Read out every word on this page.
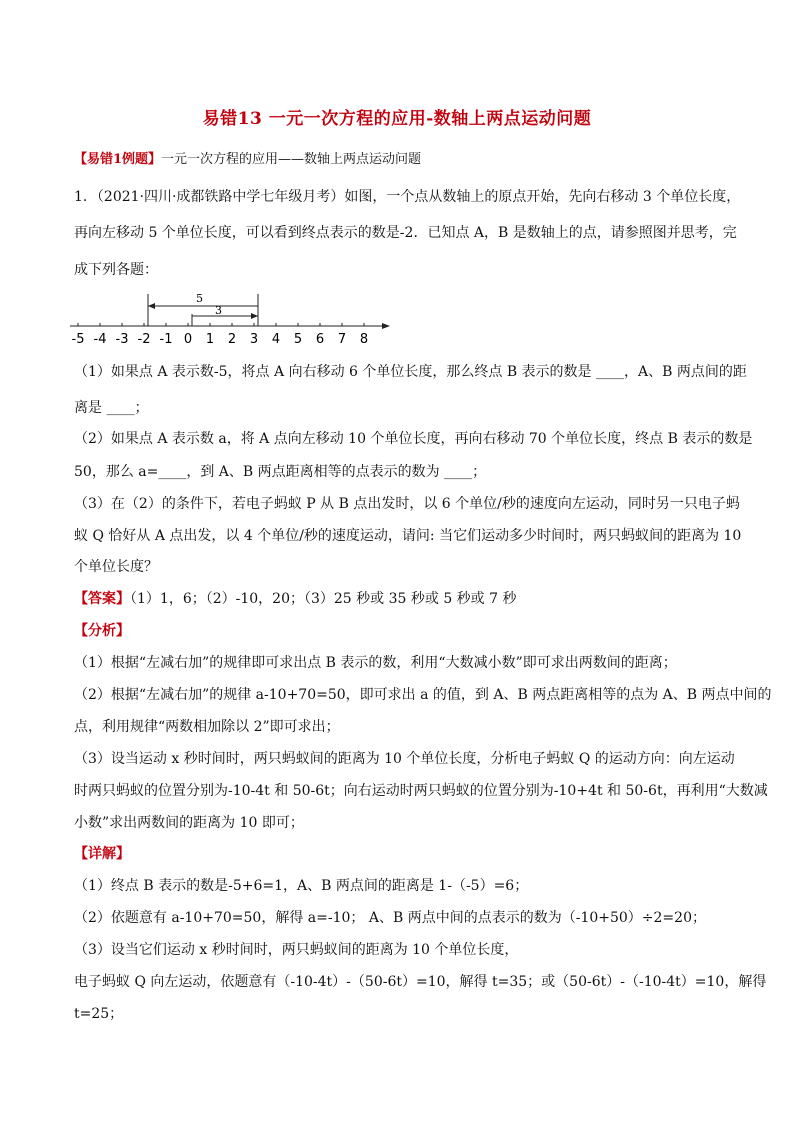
易错13 一元一次方程的应用-数轴上两点运动问题
【易错1例题】一元一次方程的应用——数轴上两点运动问题
1．（2021·四川·成都铁路中学七年级月考）如图，一个点从数轴上的原点开始，先向右移动 3 个单位长度，
再向左移动 5 个单位长度，可以看到终点表示的数是-2．已知点 A，B 是数轴上的点，请参照图并思考，完
成下列各题：
5
3
-5 -4 -3 -2 -1 0 1 2 3 4 5 6 7 8
（1）如果点 A 表示数-5，将点 A 向右移动 6 个单位长度，那么终点 B 表示的数是 ____，A、B 两点间的距
离是 ____；
（2）如果点 A 表示数 a，将 A 点向左移动 10 个单位长度，再向右移动 70 个单位长度，终点 B 表示的数是
50，那么 a=____，到 A、B 两点距离相等的点表示的数为 ____；
（3）在（2）的条件下，若电子蚂蚁 P 从 B 点出发时，以 6 个单位/秒的速度向左运动，同时另一只电子蚂
蚁 Q 恰好从 A 点出发，以 4 个单位/秒的速度运动，请问: 当它们运动多少时间时，两只蚂蚁间的距离为 10
个单位长度？
【答案】（1）1，6；（2）-10，20；（3）25 秒或 35 秒或 5 秒或 7 秒
【分析】
（1）根据“左减右加”的规律即可求出点 B 表示的数，利用“大数减小数”即可求出两数间的距离；
（2）根据“左减右加”的规律 a-10+70=50，即可求出 a 的值，到 A、B 两点距离相等的点为 A、B 两点中间的
点，利用规律“两数相加除以 2”即可求出；
（3）设当运动 x 秒时间时，两只蚂蚁间的距离为 10 个单位长度，分析电子蚂蚁 Q 的运动方向：向左运动
时两只蚂蚁的位置分别为-10-4t 和 50-6t；向右运动时两只蚂蚁的位置分别为-10+4t 和 50-6t，再利用“大数减
小数”求出两数间的距离为 10 即可；
【详解】
（1）终点 B 表示的数是-5+6=1，A、B 两点间的距离是 1-（-5）=6；
（2）依题意有 a-10+70=50，解得 a=-10； A、B 两点中间的点表示的数为（-10+50）÷2=20；
（3）设当它们运动 x 秒时间时，两只蚂蚁间的距离为 10 个单位长度，
电子蚂蚁 Q 向左运动，依题意有（-10-4t）-（50-6t）=10，解得 t=35；或（50-6t）-（-10-4t）=10，解得
t=25；
